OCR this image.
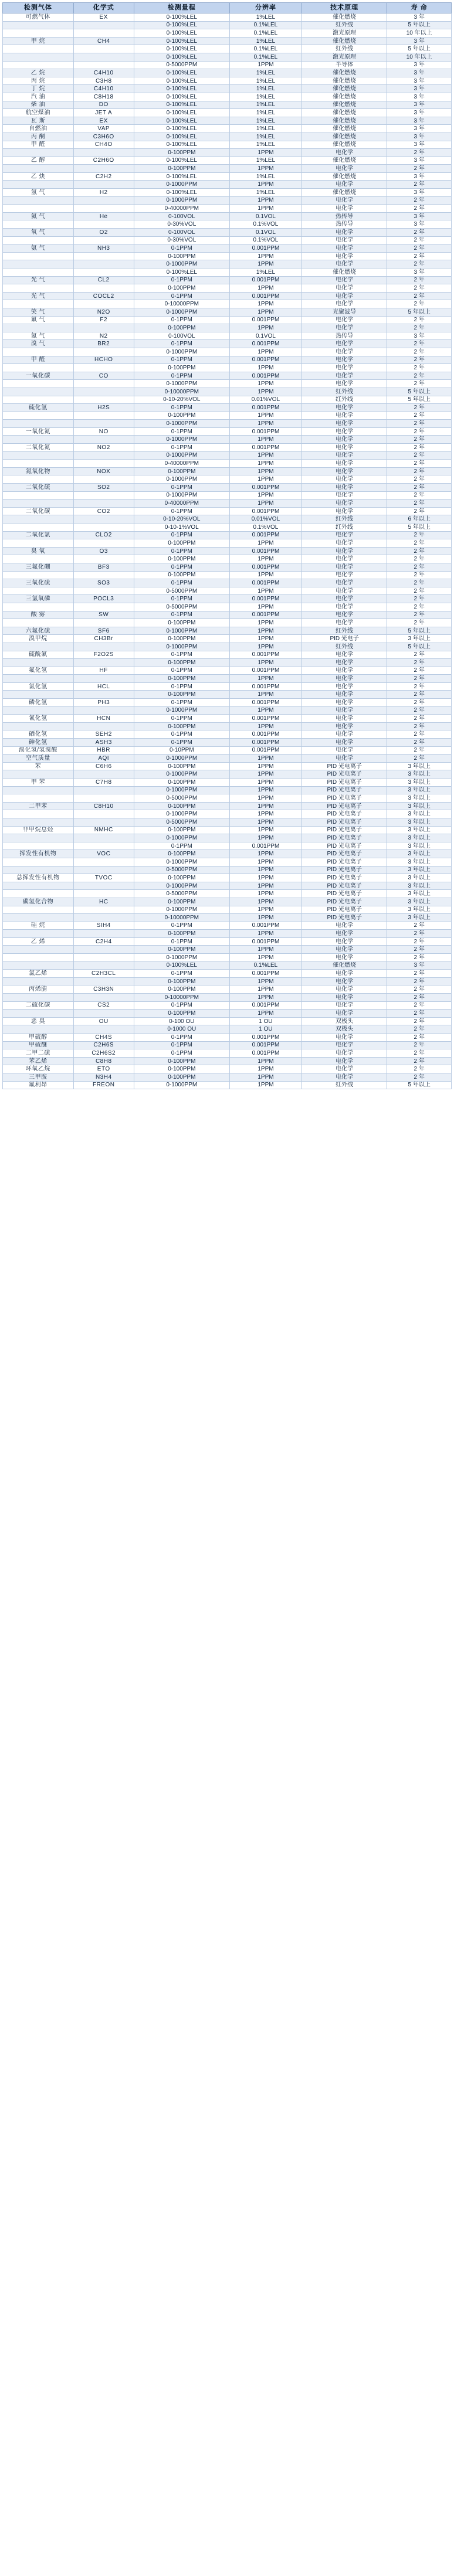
检测气体	化学式	检测量程	分辨率	技术原理	寿 命
可燃气体	EX	0-100%LEL	1%LEL	催化燃烧	3 年
		0-100%LEL	0.1%LEL	红外线	5 年以上
		0-100%LEL	0.1%LEL	激光原理	10 年以上
甲 烷	CH4	0-100%LEL	1%LEL	催化燃烧	3 年
		0-100%LEL	0.1%LEL	红外线	5 年以上
		0-100%LEL	0.1%LEL	激光原理	10 年以上
		0-5000PPM	1PPM	半导体	3 年
乙 烷	C4H10	0-100%LEL	1%LEL	催化燃烧	3 年
丙 烷	C3H8	0-100%LEL	1%LEL	催化燃烧	3 年
丁 烷	C4H10	0-100%LEL	1%LEL	催化燃烧	3 年
汽 油	C8H18	0-100%LEL	1%LEL	催化燃烧	3 年
柴 油	DO	0-100%LEL	1%LEL	催化燃烧	3 年
航空煤油	JET A	0-100%LEL	1%LEL	催化燃烧	3 年
瓦 斯	EX	0-100%LEL	1%LEL	催化燃烧	3 年
自燃油	VAP	0-100%LEL	1%LEL	催化燃烧	3 年
丙 酮	C3H6O	0-100%LEL	1%LEL	催化燃烧	3 年
甲 醛	CH4O	0-100%LEL	1%LEL	催化燃烧	3 年
		0-100PPM	1PPM	电化学	2 年
乙 醇	C2H6O	0-100%LEL	1%LEL	催化燃烧	3 年
		0-100PPM	1PPM	电化学	2 年
乙 炔	C2H2	0-100%LEL	1%LEL	催化燃烧	3 年
		0-1000PPM	1PPM	电化学	2 年
氢 气	H2	0-100%LEL	1%LEL	催化燃烧	3 年
		0-1000PPM	1PPM	电化学	2 年
		0-40000PPM	1PPM	电化学	2 年
氦 气	He	0-100VOL	0.1VOL	热传导	3 年
		0-30%VOL	0.1%VOL	热传导	3 年
氧 气	O2	0-100VOL	0.1VOL	电化学	2 年
		0-30%VOL	0.1%VOL	电化学	2 年
氨 气	NH3	0-1PPM	0.001PPM	电化学	2 年
		0-100PPM	1PPM	电化学	2 年
		0-1000PPM	1PPM	电化学	2 年
		0-100%LEL	1%LEL	催化燃烧	3 年
光 气	CL2	0-1PPM	0.001PPM	电化学	2 年
		0-100PPM	1PPM	电化学	2 年
光 气	COCL2	0-1PPM	0.001PPM	电化学	2 年
		0-10000PPM	1PPM	电化学	2 年
笑 气	N2O	0-1000PPM	1PPM	光聚波导	5 年以上
氟 气	F2	0-1PPM	0.001PPM	电化学	2 年
		0-100PPM	1PPM	电化学	2 年
氮 气	N2	0-100VOL	0.1VOL	热传导	3 年
溴 气	BR2	0-1PPM	0.001PPM	电化学	2 年
		0-1000PPM	1PPM	电化学	2 年
甲 醛	HCHO	0-1PPM	0.001PPM	电化学	2 年
		0-100PPM	1PPM	电化学	2 年
一氧化碳	CO	0-1PPM	0.001PPM	电化学	2 年
		0-1000PPM	1PPM	电化学	2 年
		0-10000PPM	1PPM	红外线	5 年以上
		0-10-20%VOL	0.01%VOL	红外线	5 年以上
硫化氢	H2S	0-1PPM	0.001PPM	电化学	2 年
		0-100PPM	1PPM	电化学	2 年
		0-1000PPM	1PPM	电化学	2 年
一氧化氮	NO	0-1PPM	0.001PPM	电化学	2 年
		0-1000PPM	1PPM	电化学	2 年
二氧化氮	NO2	0-1PPM	0.001PPM	电化学	2 年
		0-1000PPM	1PPM	电化学	2 年
		0-40000PPM	1PPM	电化学	2 年
氮氧化物	NOX	0-100PPM	1PPM	电化学	2 年
		0-1000PPM	1PPM	电化学	2 年
二氧化硫	SO2	0-1PPM	0.001PPM	电化学	2 年
		0-1000PPM	1PPM	电化学	2 年
		0-40000PPM	1PPM	电化学	2 年
二氧化碳	CO2	0-1PPM	0.001PPM	电化学	2 年
		0-10-20%VOL	0.01%VOL	红外线	6 年以上
		0-10-1%VOL	0.1%VOL	红外线	5 年以上
二氧化氯	CLO2	0-1PPM	0.001PPM	电化学	2 年
		0-100PPM	1PPM	电化学	2 年
臭 氧	O3	0-1PPM	0.001PPM	电化学	2 年
		0-100PPM	1PPM	电化学	2 年
三氟化硼	BF3	0-1PPM	0.001PPM	电化学	2 年
		0-100PPM	1PPM	电化学	2 年
三氧化硫	SO3	0-1PPM	0.001PPM	电化学	2 年
		0-5000PPM	1PPM	电化学	2 年
三氯氧磷	POCL3	0-1PPM	0.001PPM	电化学	2 年
		0-5000PPM	1PPM	电化学	2 年
酸 雾	SW	0-1PPM	0.001PPM	电化学	2 年
		0-100PPM	1PPM	电化学	2 年
六氟化硫	SF6	0-1000PPM	1PPM	红外线	5 年以上
溴甲烷	CH3Br	0-100PPM	1PPM	PID 光电子	3 年以上
		0-1000PPM	1PPM	红外线	5 年以上
硫酰氟	F2O2S	0-1PPM	0.001PPM	电化学	2 年
		0-100PPM	1PPM	电化学	2 年
氟化氢	HF	0-1PPM	0.001PPM	电化学	2 年
		0-100PPM	1PPM	电化学	2 年
氯化氢	HCL	0-1PPM	0.001PPM	电化学	2 年
		0-100PPM	1PPM	电化学	2 年
磷化氢	PH3	0-1PPM	0.001PPM	电化学	2 年
		0-1000PPM	1PPM	电化学	2 年
氰化氢	HCN	0-1PPM	0.001PPM	电化学	2 年
		0-100PPM	1PPM	电化学	2 年
硒化氢	SEH2	0-1PPM	0.001PPM	电化学	2 年
砷化氢	ASH3	0-1PPM	0.001PPM	电化学	2 年
溴化氢/氢溴酸	HBR	0-10PPM	0.001PPM	电化学	2 年
空气质量	AQI	0-1000PPM	1PPM	电化学	2 年
苯	C6H6	0-100PPM	1PPM	PID 光电离子	3 年以上
		0-1000PPM	1PPM	PID 光电离子	3 年以上
甲 苯	C7H8	0-100PPM	1PPM	PID 光电离子	3 年以上
		0-1000PPM	1PPM	PID 光电离子	3 年以上
		0-5000PPM	1PPM	PID 光电离子	3 年以上
二甲苯	C8H10	0-100PPM	1PPM	PID 光电离子	3 年以上
		0-1000PPM	1PPM	PID 光电离子	3 年以上
		0-5000PPM	1PPM	PID 光电离子	3 年以上
非甲烷总烃	NMHC	0-100PPM	1PPM	PID 光电离子	3 年以上
		0-1000PPM	1PPM	PID 光电离子	3 年以上
		0-1PPM	0.001PPM	PID 光电离子	3 年以上
挥发性有机物	VOC	0-100PPM	1PPM	PID 光电离子	3 年以上
		0-1000PPM	1PPM	PID 光电离子	3 年以上
		0-5000PPM	1PPM	PID 光电离子	3 年以上
总挥发性有机物	TVOC	0-100PPM	1PPM	PID 光电离子	3 年以上
		0-1000PPM	1PPM	PID 光电离子	3 年以上
		0-5000PPM	1PPM	PID 光电离子	3 年以上
碳氢化合物	HC	0-100PPM	1PPM	PID 光电离子	3 年以上
		0-1000PPM	1PPM	PID 光电离子	3 年以上
		0-10000PPM	1PPM	PID 光电离子	3 年以上
硅 烷	SIH4	0-1PPM	0.001PPM	电化学	2 年
		0-100PPM	1PPM	电化学	2 年
乙 烯	C2H4	0-1PPM	0.001PPM	电化学	2 年
		0-100PPM	1PPM	电化学	2 年
		0-1000PPM	1PPM	电化学	2 年
		0-100%LEL	0.1%LEL	催化燃烧	3 年
氯乙烯	C2H3CL	0-1PPM	0.001PPM	电化学	2 年
		0-100PPM	1PPM	电化学	2 年
丙烯腈	C3H3N	0-100PPM	1PPM	电化学	2 年
		0-10000PPM	1PPM	电化学	2 年
二硫化碳	CS2	0-1PPM	0.001PPM	电化学	2 年
		0-100PPM	1PPM	电化学	2 年
恶 臭	OU	0-100 OU	1 OU	双极头	2 年
		0-1000 OU	1 OU	双极头	2 年
甲硫醇	CH4S	0-1PPM	0.001PPM	电化学	2 年
甲硫醚	C2H6S	0-1PPM	0.001PPM	电化学	2 年
二甲二硫	C2H6S2	0-1PPM	0.001PPM	电化学	2 年
苯乙烯	C8H8	0-100PPM	1PPM	电化学	2 年
环氧乙烷	ETO	0-100PPM	1PPM	电化学	2 年
三甲胺	N3H4	0-100PPM	1PPM	电化学	2 年
氟利昂	FREON	0-1000PPM	1PPM	红外线	5 年以上
